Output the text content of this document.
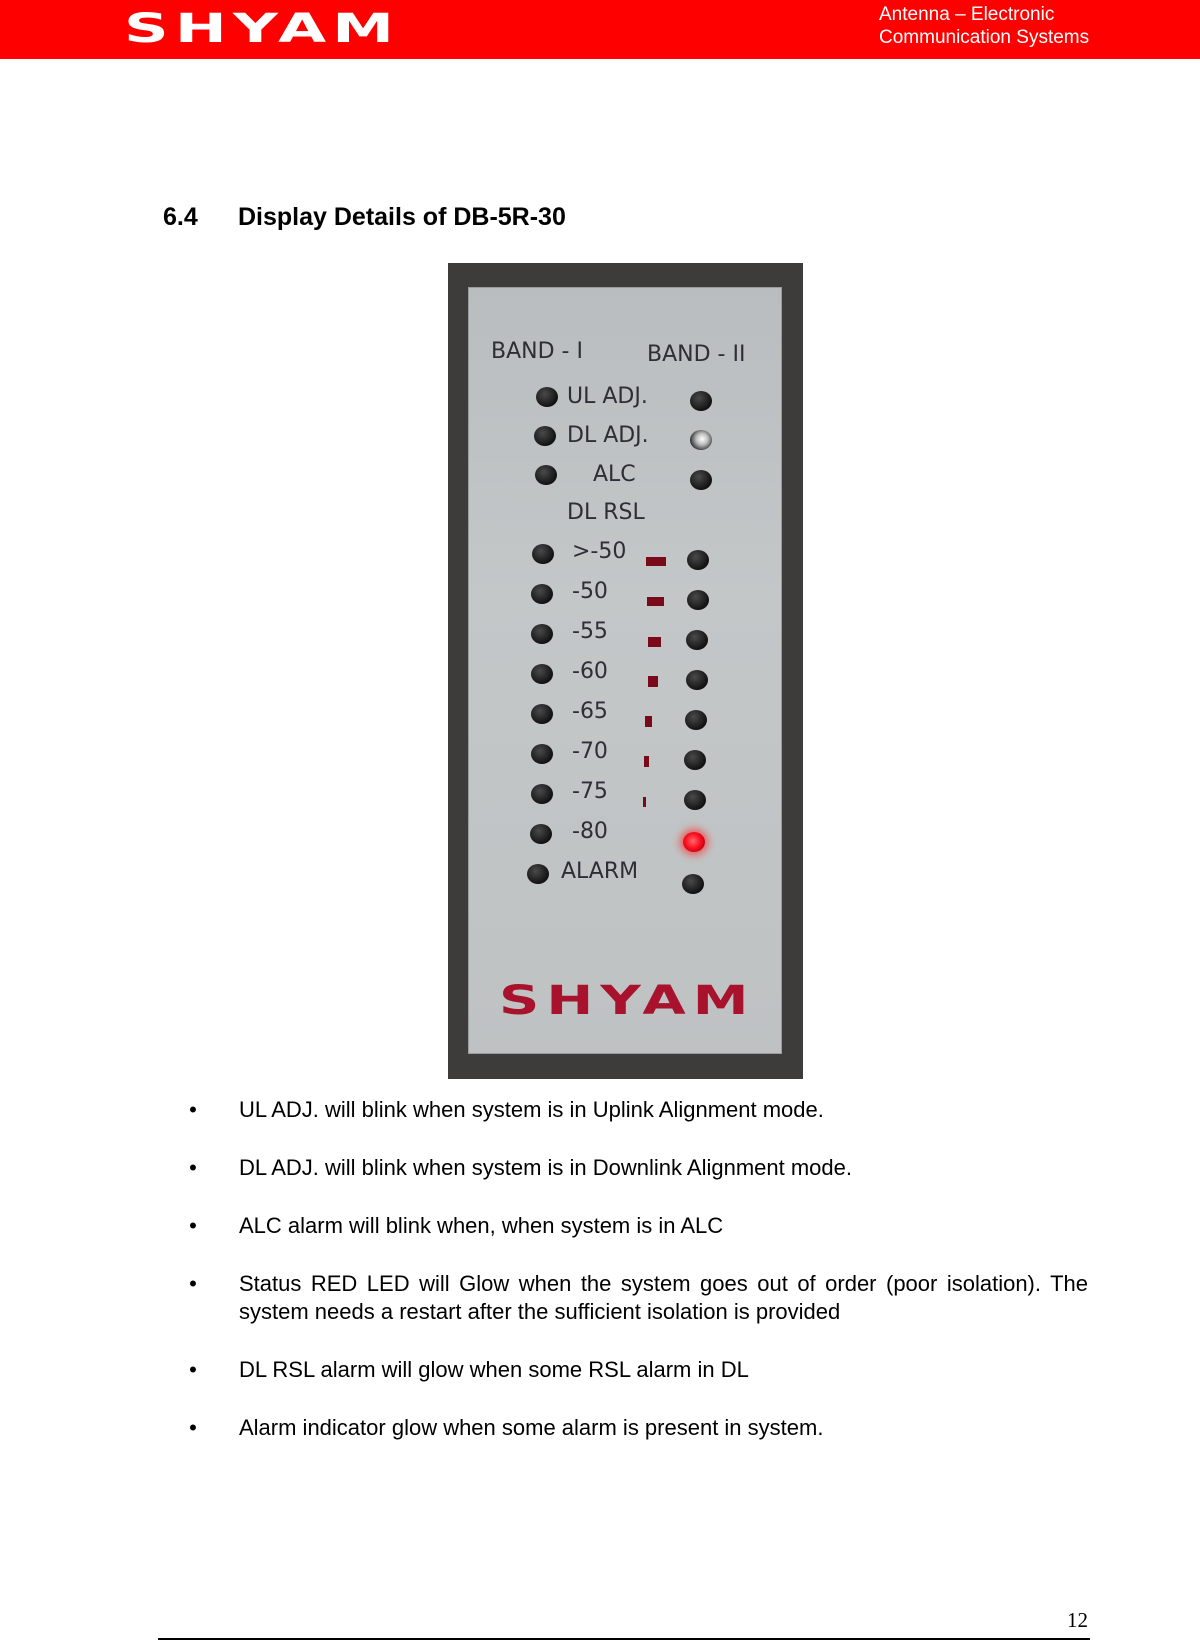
SHYAM	Antenna – Electronic
Communication Systems
6.4 Display Details of DB-5R-30
BAND - I	BAND - II
UL ADJ.
DL ADJ.
ALC
DL RSL
>-50
-50
-55
-60
-65
-70
-75
-80
ALARM
SHYAM
• UL ADJ. will blink when system is in Uplink Alignment mode.
• DL ADJ. will blink when system is in Downlink Alignment mode.
• ALC alarm will blink when, when system is in ALC
• Status RED LED will Glow when the system goes out of order (poor isolation). The system needs a restart after the sufficient isolation is provided
• DL RSL alarm will glow when some RSL alarm in DL
• Alarm indicator glow when some alarm is present in system.
12
